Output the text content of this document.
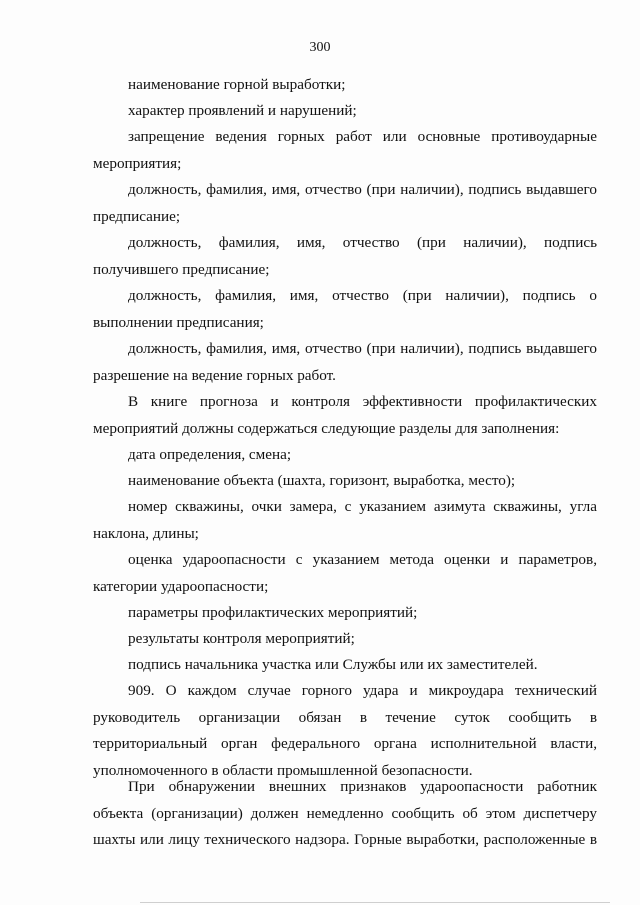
300

наименование горной выработки;

характер проявлений и нарушений;

запрещение ведения горных работ или основные противоударные мероприятия;

должность, фамилия, имя, отчество (при наличии), подпись выдавшего предписание;

должность, фамилия, имя, отчество (при наличии), подпись получившего предписание;

должность, фамилия, имя, отчество (при наличии), подпись о выполнении предписания;

должность, фамилия, имя, отчество (при наличии), подпись выдавшего разрешение на ведение горных работ.

В книге прогноза и контроля эффективности профилактических мероприятий должны содержаться следующие разделы для заполнения:

дата определения, смена;

наименование объекта (шахта, горизонт, выработка, место);

номер скважины, очки замера, с указанием азимута скважины, угла наклона, длины;

оценка удароопасности с указанием метода оценки и параметров, категории удароопасности;

параметры профилактических мероприятий;

результаты контроля мероприятий;

подпись начальника участка или Службы или их заместителей.

909. О каждом случае горного удара и микроудара технический руководитель организации обязан в течение суток сообщить в территориальный орган федерального органа исполнительной власти, уполномоченного в области промышленной безопасности.

При обнаружении внешних признаков удароопасности работник объекта (организации) должен немедленно сообщить об этом диспетчеру шахты или лицу технического надзора. Горные выработки, расположенные в
